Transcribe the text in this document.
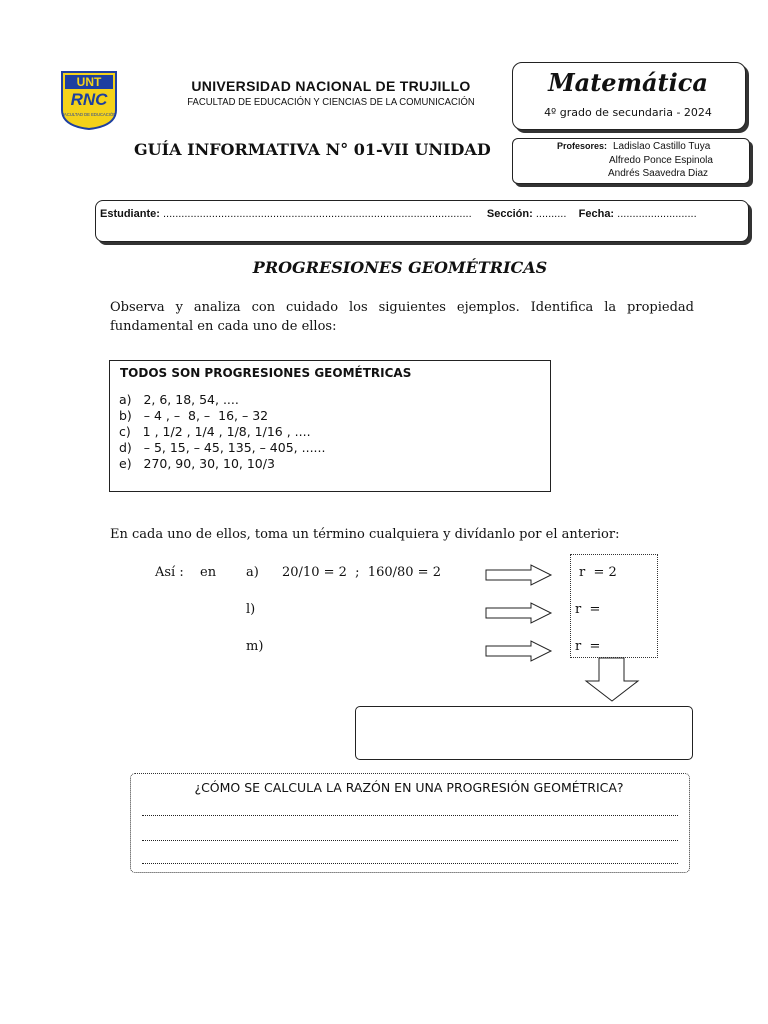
UNT
RNC
FACULTAD DE EDUCACIÓN
UNIVERSIDAD NACIONAL DE TRUJILLO
FACULTAD DE EDUCACIÓN Y CIENCIAS DE LA COMUNICACIÓN
Matemática
4º grado de secundaria - 2024
GUÍA INFORMATIVA N° 01-VII UNIDAD	Profesores: Ladislao Castillo Tuya
Alfredo Ponce Espinola
Andrés Saavedra Diaz
Estudiante: ..................................................................................................... Sección: .......... Fecha: ..........................
PROGRESIONES GEOMÉTRICAS
Observa y analiza con cuidado los siguientes ejemplos. Identifica la propiedad fundamental en cada uno de ellos:
TODOS SON PROGRESIONES GEOMÉTRICAS
a)   2, 6, 18, 54, ....
b)   – 4 , –  8, –  16, – 32
c)   1 , 1/2 , 1/4 , 1/8, 1/16 , ....
d)   – 5, 15, – 45, 135, – 405, ......
e)   270, 90, 30, 10, 10/3
En cada uno de ellos, toma un término cualquiera y divídanlo por el anterior:
Así : en a) 20/10 = 2  ;  160/80 = 2
l)
m)
r  = 2
r  =
r  =
¿CÓMO SE CALCULA LA RAZÓN EN UNA PROGRESIÓN GEOMÉTRICA?
